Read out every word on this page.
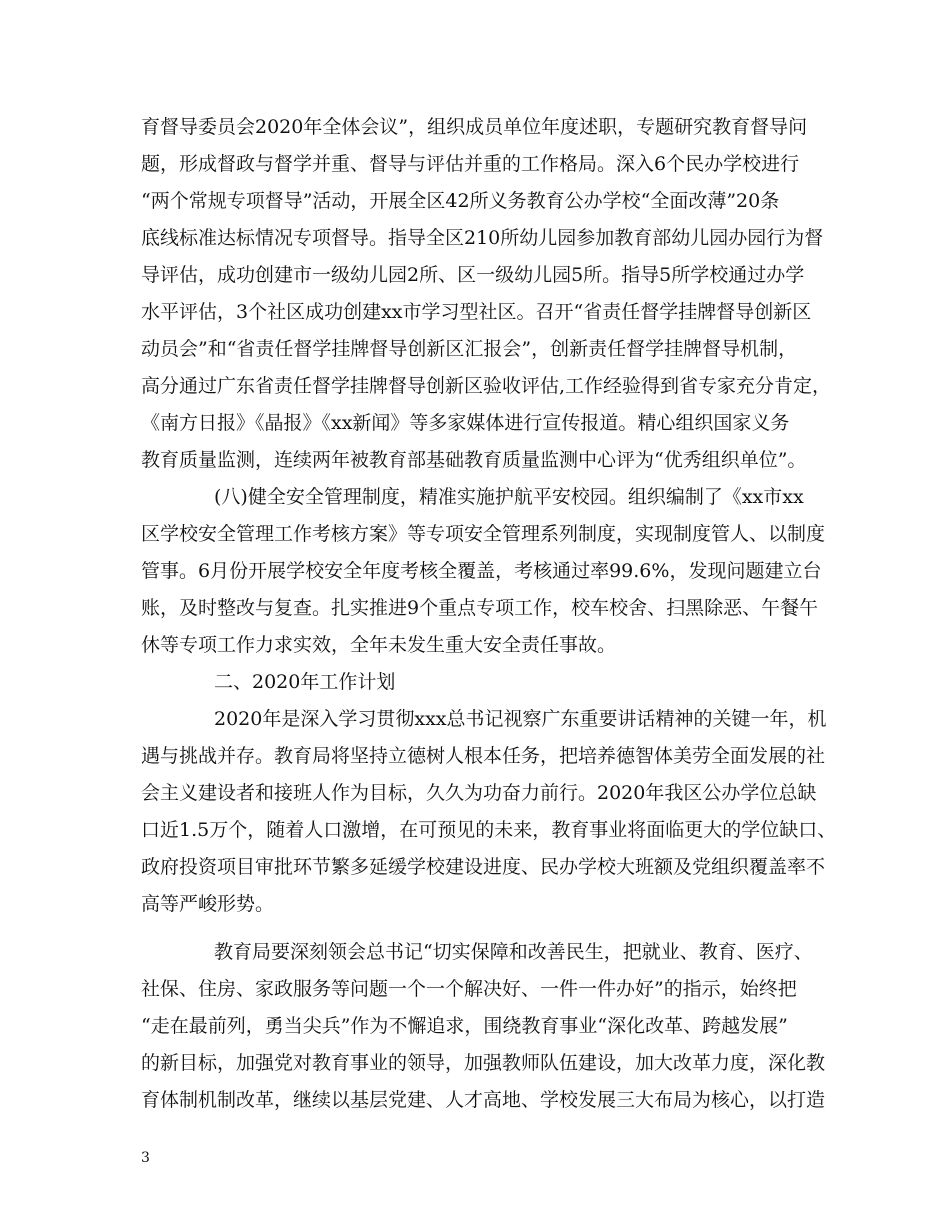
育督导委员会2020年全体会议”，组织成员单位年度述职，专题研究教育督导问
题，形成督政与督学并重、督导与评估并重的工作格局。深入6个民办学校进行
“两个常规专项督导”活动，开展全区42所义务教育公办学校“全面改薄”20条
底线标准达标情况专项督导。指导全区210所幼儿园参加教育部幼儿园办园行为督
导评估，成功创建市一级幼儿园2所、区一级幼儿园5所。指导5所学校通过办学
水平评估，3个社区成功创建xx市学习型社区。召开“省责任督学挂牌督导创新区
动员会”和“省责任督学挂牌督导创新区汇报会”，创新责任督学挂牌督导机制，
高分通过广东省责任督学挂牌督导创新区验收评估,工作经验得到省专家充分肯定，
《南方日报》《晶报》《xx新闻》等多家媒体进行宣传报道。精心组织国家义务
教育质量监测，连续两年被教育部基础教育质量监测中心评为“优秀组织单位”。
(八)健全安全管理制度，精准实施护航平安校园。组织编制了《xx市xx
区学校安全管理工作考核方案》等专项安全管理系列制度，实现制度管人、以制度
管事。6月份开展学校安全年度考核全覆盖，考核通过率99.6%，发现问题建立台
账，及时整改与复查。扎实推进9个重点专项工作，校车校舍、扫黑除恶、午餐午
休等专项工作力求实效，全年未发生重大安全责任事故。
二、2020年工作计划
2020年是深入学习贯彻xxx总书记视察广东重要讲话精神的关键一年，机
遇与挑战并存。教育局将坚持立德树人根本任务，把培养德智体美劳全面发展的社
会主义建设者和接班人作为目标，久久为功奋力前行。2020年我区公办学位总缺
口近1.5万个，随着人口激增，在可预见的未来，教育事业将面临更大的学位缺口、
政府投资项目审批环节繁多延缓学校建设进度、民办学校大班额及党组织覆盖率不
高等严峻形势。
教育局要深刻领会总书记“切实保障和改善民生，把就业、教育、医疗、
社保、住房、家政服务等问题一个一个解决好、一件一件办好”的指示，始终把
“走在最前列，勇当尖兵”作为不懈追求，围绕教育事业“深化改革、跨越发展”
的新目标，加强党对教育事业的领导，加强教师队伍建设，加大改革力度，深化教
育体制机制改革，继续以基层党建、人才高地、学校发展三大布局为核心，以打造
3
